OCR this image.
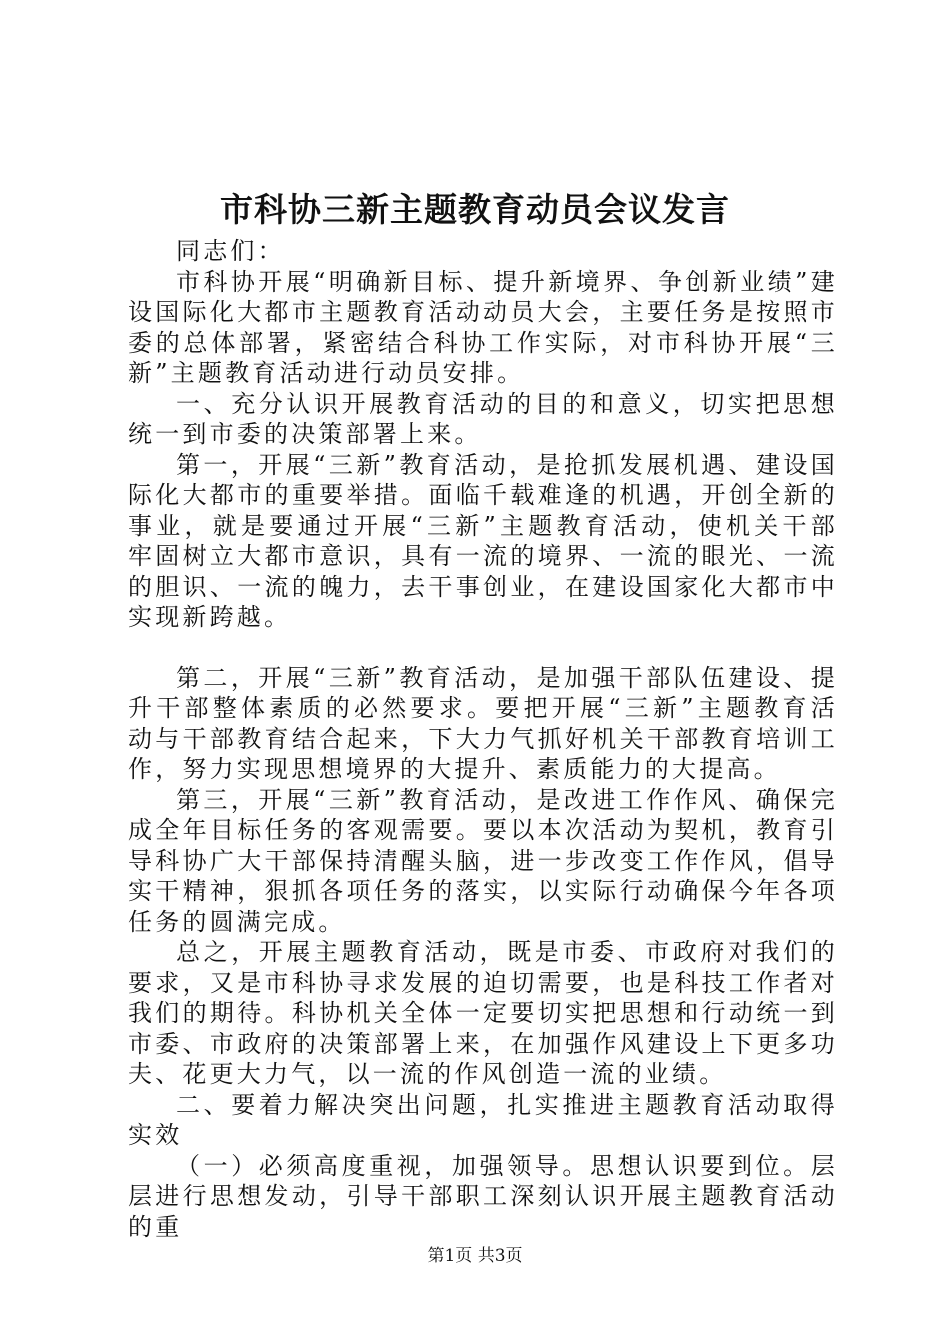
市科协三新主题教育动员会议发言

同志们：

市科协开展“明确新目标、提升新境界、争创新业绩”建设国际化大都市主题教育活动动员大会，主要任务是按照市委的总体部署，紧密结合科协工作实际，对市科协开展“三新”主题教育活动进行动员安排。

一、充分认识开展教育活动的目的和意义，切实把思想统一到市委的决策部署上来。

第一，开展“三新”教育活动，是抢抓发展机遇、建设国际化大都市的重要举措。面临千载难逢的机遇，开创全新的事业，就是要通过开展“三新”主题教育活动，使机关干部牢固树立大都市意识，具有一流的境界、一流的眼光、一流的胆识、一流的魄力，去干事创业，在建设国家化大都市中实现新跨越。

第二，开展“三新”教育活动，是加强干部队伍建设、提升干部整体素质的必然要求。要把开展“三新”主题教育活动与干部教育结合起来，下大力气抓好机关干部教育培训工作，努力实现思想境界的大提升、素质能力的大提高。

第三，开展“三新”教育活动，是改进工作作风、确保完成全年目标任务的客观需要。要以本次活动为契机，教育引导科协广大干部保持清醒头脑，进一步改变工作作风，倡导实干精神，狠抓各项任务的落实，以实际行动确保今年各项任务的圆满完成。

总之，开展主题教育活动，既是市委、市政府对我们的要求，又是市科协寻求发展的迫切需要，也是科技工作者对我们的期待。科协机关全体一定要切实把思想和行动统一到市委、市政府的决策部署上来，在加强作风建设上下更多功夫、花更大力气，以一流的作风创造一流的业绩。

二、要着力解决突出问题，扎实推进主题教育活动取得实效

（一）必须高度重视，加强领导。思想认识要到位。层层进行思想发动，引导干部职工深刻认识开展主题教育活动的重

第1页 共3页
